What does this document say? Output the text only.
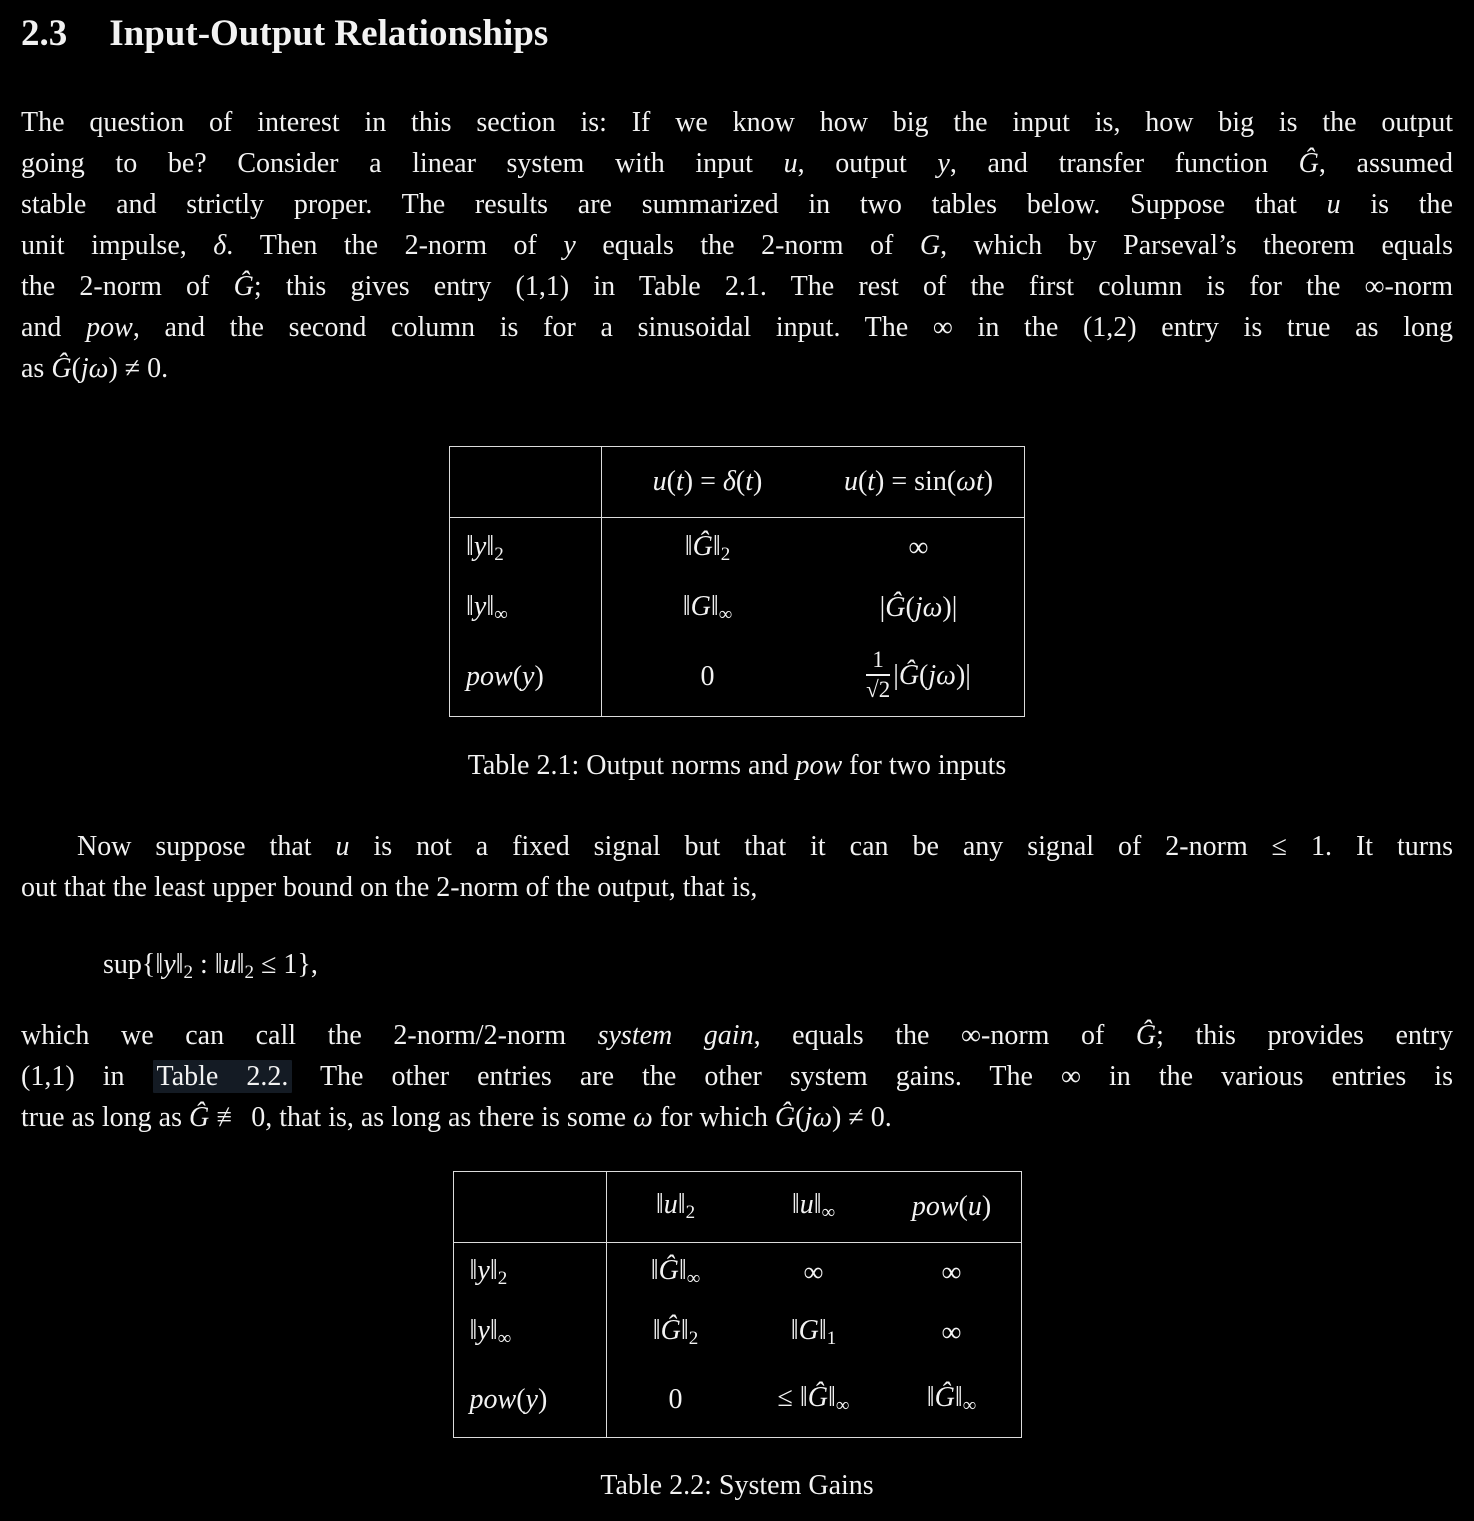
2.3 Input-Output Relationships
The question of interest in this section is: If we know how big the input is, how big is the output
going to be? Consider a linear system with input u, output y, and transfer function Ĝ, assumed
stable and strictly proper. The results are summarized in two tables below. Suppose that u is the
unit impulse, δ. Then the 2-norm of y equals the 2-norm of G, which by Parseval’s theorem equals
the 2-norm of Ĝ; this gives entry (1,1) in Table 2.1. The rest of the first column is for the ∞-norm
and pow, and the second column is for a sinusoidal input. The ∞ in the (1,2) entry is true as long
as Ĝ(jω) ≠ 0.
	u(t) = δ(t)	u(t) = sin(ωt)
$‖y‖_2$	$‖Ĝ‖_2$	∞
$‖y‖_\infty$	$‖G‖_\infty$	|Ĝ(jω)|
pow(y)	0	$\frac{1}{√2}$ |Ĝ(jω)|
Table 2.1: Output norms and pow for two inputs
Now suppose that u is not a fixed signal but that it can be any signal of 2-norm ≤ 1. It turns
out that the least upper bound on the 2-norm of the output, that is,
$sup\{‖y‖_2$ : $‖u‖_2 \le 1$},
which we can call the 2-norm/2-norm system gain, equals the ∞-norm of Ĝ; this provides entry
(1,1) in Table 2.2. The other entries are the other system gains. The ∞ in the various entries is
true as long as Ĝ ≢ 0, that is, as long as there is some ω for which Ĝ(jω) ≠ 0.
	$‖u‖_2$	$‖u‖_\infty$	pow(u)
$‖y‖_2$	$‖Ĝ‖_\infty$	∞	∞
$‖y‖_\infty$	$‖Ĝ‖_2$	$‖G‖_1$	∞
pow(y)	0	≤ $‖Ĝ‖_\infty$	$‖Ĝ‖_\infty$
Table 2.2: System Gains
